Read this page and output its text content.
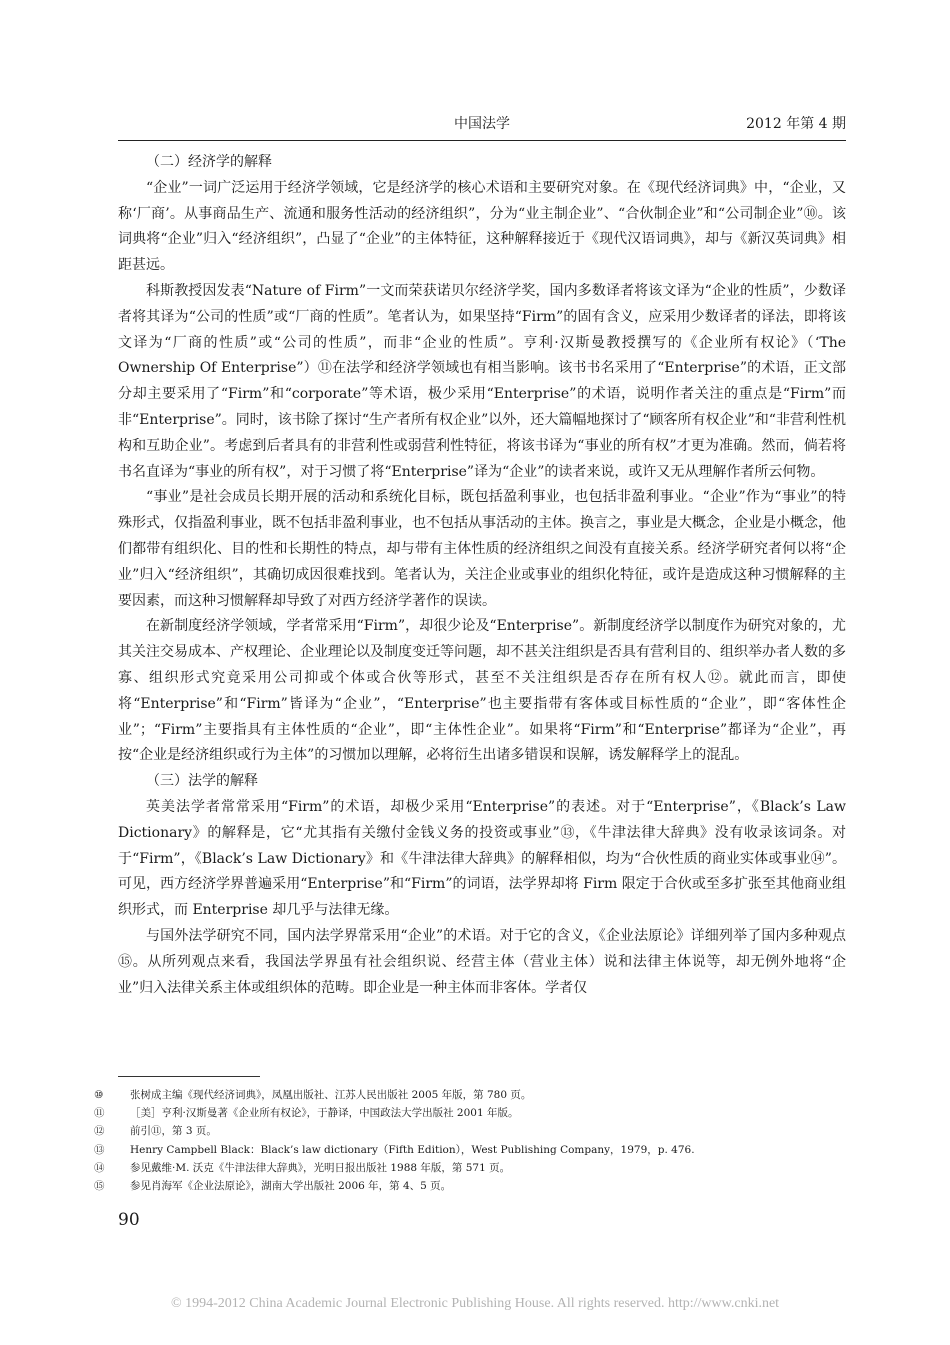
中国法学	2012 年第 4 期

（二）经济学的解释

“企业”一词广泛运用于经济学领域，它是经济学的核心术语和主要研究对象。在《现代经济词典》中，“企业，又称‘厂商’。从事商品生产、流通和服务性活动的经济组织”，分为“业主制企业”、“合伙制企业”和“公司制企业”⑩。该词典将“企业”归入“经济组织”，凸显了“企业”的主体特征，这种解释接近于《现代汉语词典》，却与《新汉英词典》相距甚远。

科斯教授因发表“Nature of Firm”一文而荣获诺贝尔经济学奖，国内多数译者将该文译为“企业的性质”，少数译者将其译为“公司的性质”或“厂商的性质”。笔者认为，如果坚持“Firm”的固有含义，应采用少数译者的译法，即将该文译为“厂商的性质”或“公司的性质”，而非“企业的性质”。亨利·汉斯曼教授撰写的《企业所有权论》（‘The Ownership Of Enterprise”）⑪在法学和经济学领域也有相当影响。该书书名采用了“Enterprise”的术语，正文部分却主要采用了“Firm”和“corporate”等术语，极少采用“Enterprise”的术语，说明作者关注的重点是“Firm”而非“Enterprise”。同时，该书除了探讨“生产者所有权企业”以外，还大篇幅地探讨了“顾客所有权企业”和“非营利性机构和互助企业”。考虑到后者具有的非营利性或弱营利性特征，将该书译为“事业的所有权”才更为准确。然而，倘若将书名直译为“事业的所有权”，对于习惯了将“Enterprise”译为“企业”的读者来说，或许又无从理解作者所云何物。

“事业”是社会成员长期开展的活动和系统化目标，既包括盈利事业，也包括非盈利事业。“企业”作为“事业”的特殊形式，仅指盈利事业，既不包括非盈利事业，也不包括从事活动的主体。换言之，事业是大概念，企业是小概念，他们都带有组织化、目的性和长期性的特点，却与带有主体性质的经济组织之间没有直接关系。经济学研究者何以将“企业”归入“经济组织”，其确切成因很难找到。笔者认为，关注企业或事业的组织化特征，或许是造成这种习惯解释的主要因素，而这种习惯解释却导致了对西方经济学著作的误读。

在新制度经济学领域，学者常采用“Firm”，却很少论及“Enterprise”。新制度经济学以制度作为研究对象的，尤其关注交易成本、产权理论、企业理论以及制度变迁等问题，却不甚关注组织是否具有营利目的、组织举办者人数的多寡、组织形式究竟采用公司抑或个体或合伙等形式，甚至不关注组织是否存在所有权人⑫。就此而言，即使将“Enterprise”和“Firm”皆译为“企业”，“Enterprise”也主要指带有客体或目标性质的“企业”，即“客体性企业”；“Firm”主要指具有主体性质的“企业”，即“主体性企业”。如果将“Firm”和“Enterprise”都译为“企业”，再按“企业是经济组织或行为主体”的习惯加以理解，必将衍生出诸多错误和误解，诱发解释学上的混乱。

（三）法学的解释

英美法学者常常采用“Firm”的术语，却极少采用“Enterprise”的表述。对于“Enterprise”，《Black’s Law Dictionary》的解释是，它“尤其指有关缴付金钱义务的投资或事业”⑬，《牛津法律大辞典》没有收录该词条。对于“Firm”，《Black’s Law Dictionary》和《牛津法律大辞典》的解释相似，均为“合伙性质的商业实体或事业⑭”。可见，西方经济学界普遍采用“Enterprise”和“Firm”的词语，法学界却将 Firm 限定于合伙或至多扩张至其他商业组织形式，而 Enterprise 却几乎与法律无缘。

与国外法学研究不同，国内法学界常采用“企业”的术语。对于它的含义，《企业法原论》详细列举了国内多种观点⑮。从所列观点来看，我国法学界虽有社会组织说、经营主体（营业主体）说和法律主体说等，却无例外地将“企业”归入法律关系主体或组织体的范畴。即企业是一种主体而非客体。学者仅

⑩	张树成主编《现代经济词典》，凤凰出版社、江苏人民出版社 2005 年版，第 780 页。
⑪	［美］亨利·汉斯曼著《企业所有权论》，于静译，中国政法大学出版社 2001 年版。
⑫	前引⑪，第 3 页。
⑬	Henry Campbell Black：Black’s law dictionary（Fifth Edition），West Publishing Company，1979，p. 476.
⑭	参见戴维·M. 沃克《牛津法律大辞典》，光明日报出版社 1988 年版，第 571 页。
⑮	参见肖海军《企业法原论》，湖南大学出版社 2006 年，第 4、5 页。
90
© 1994-2012 China Academic Journal Electronic Publishing House. All rights reserved. http://www.cnki.net
